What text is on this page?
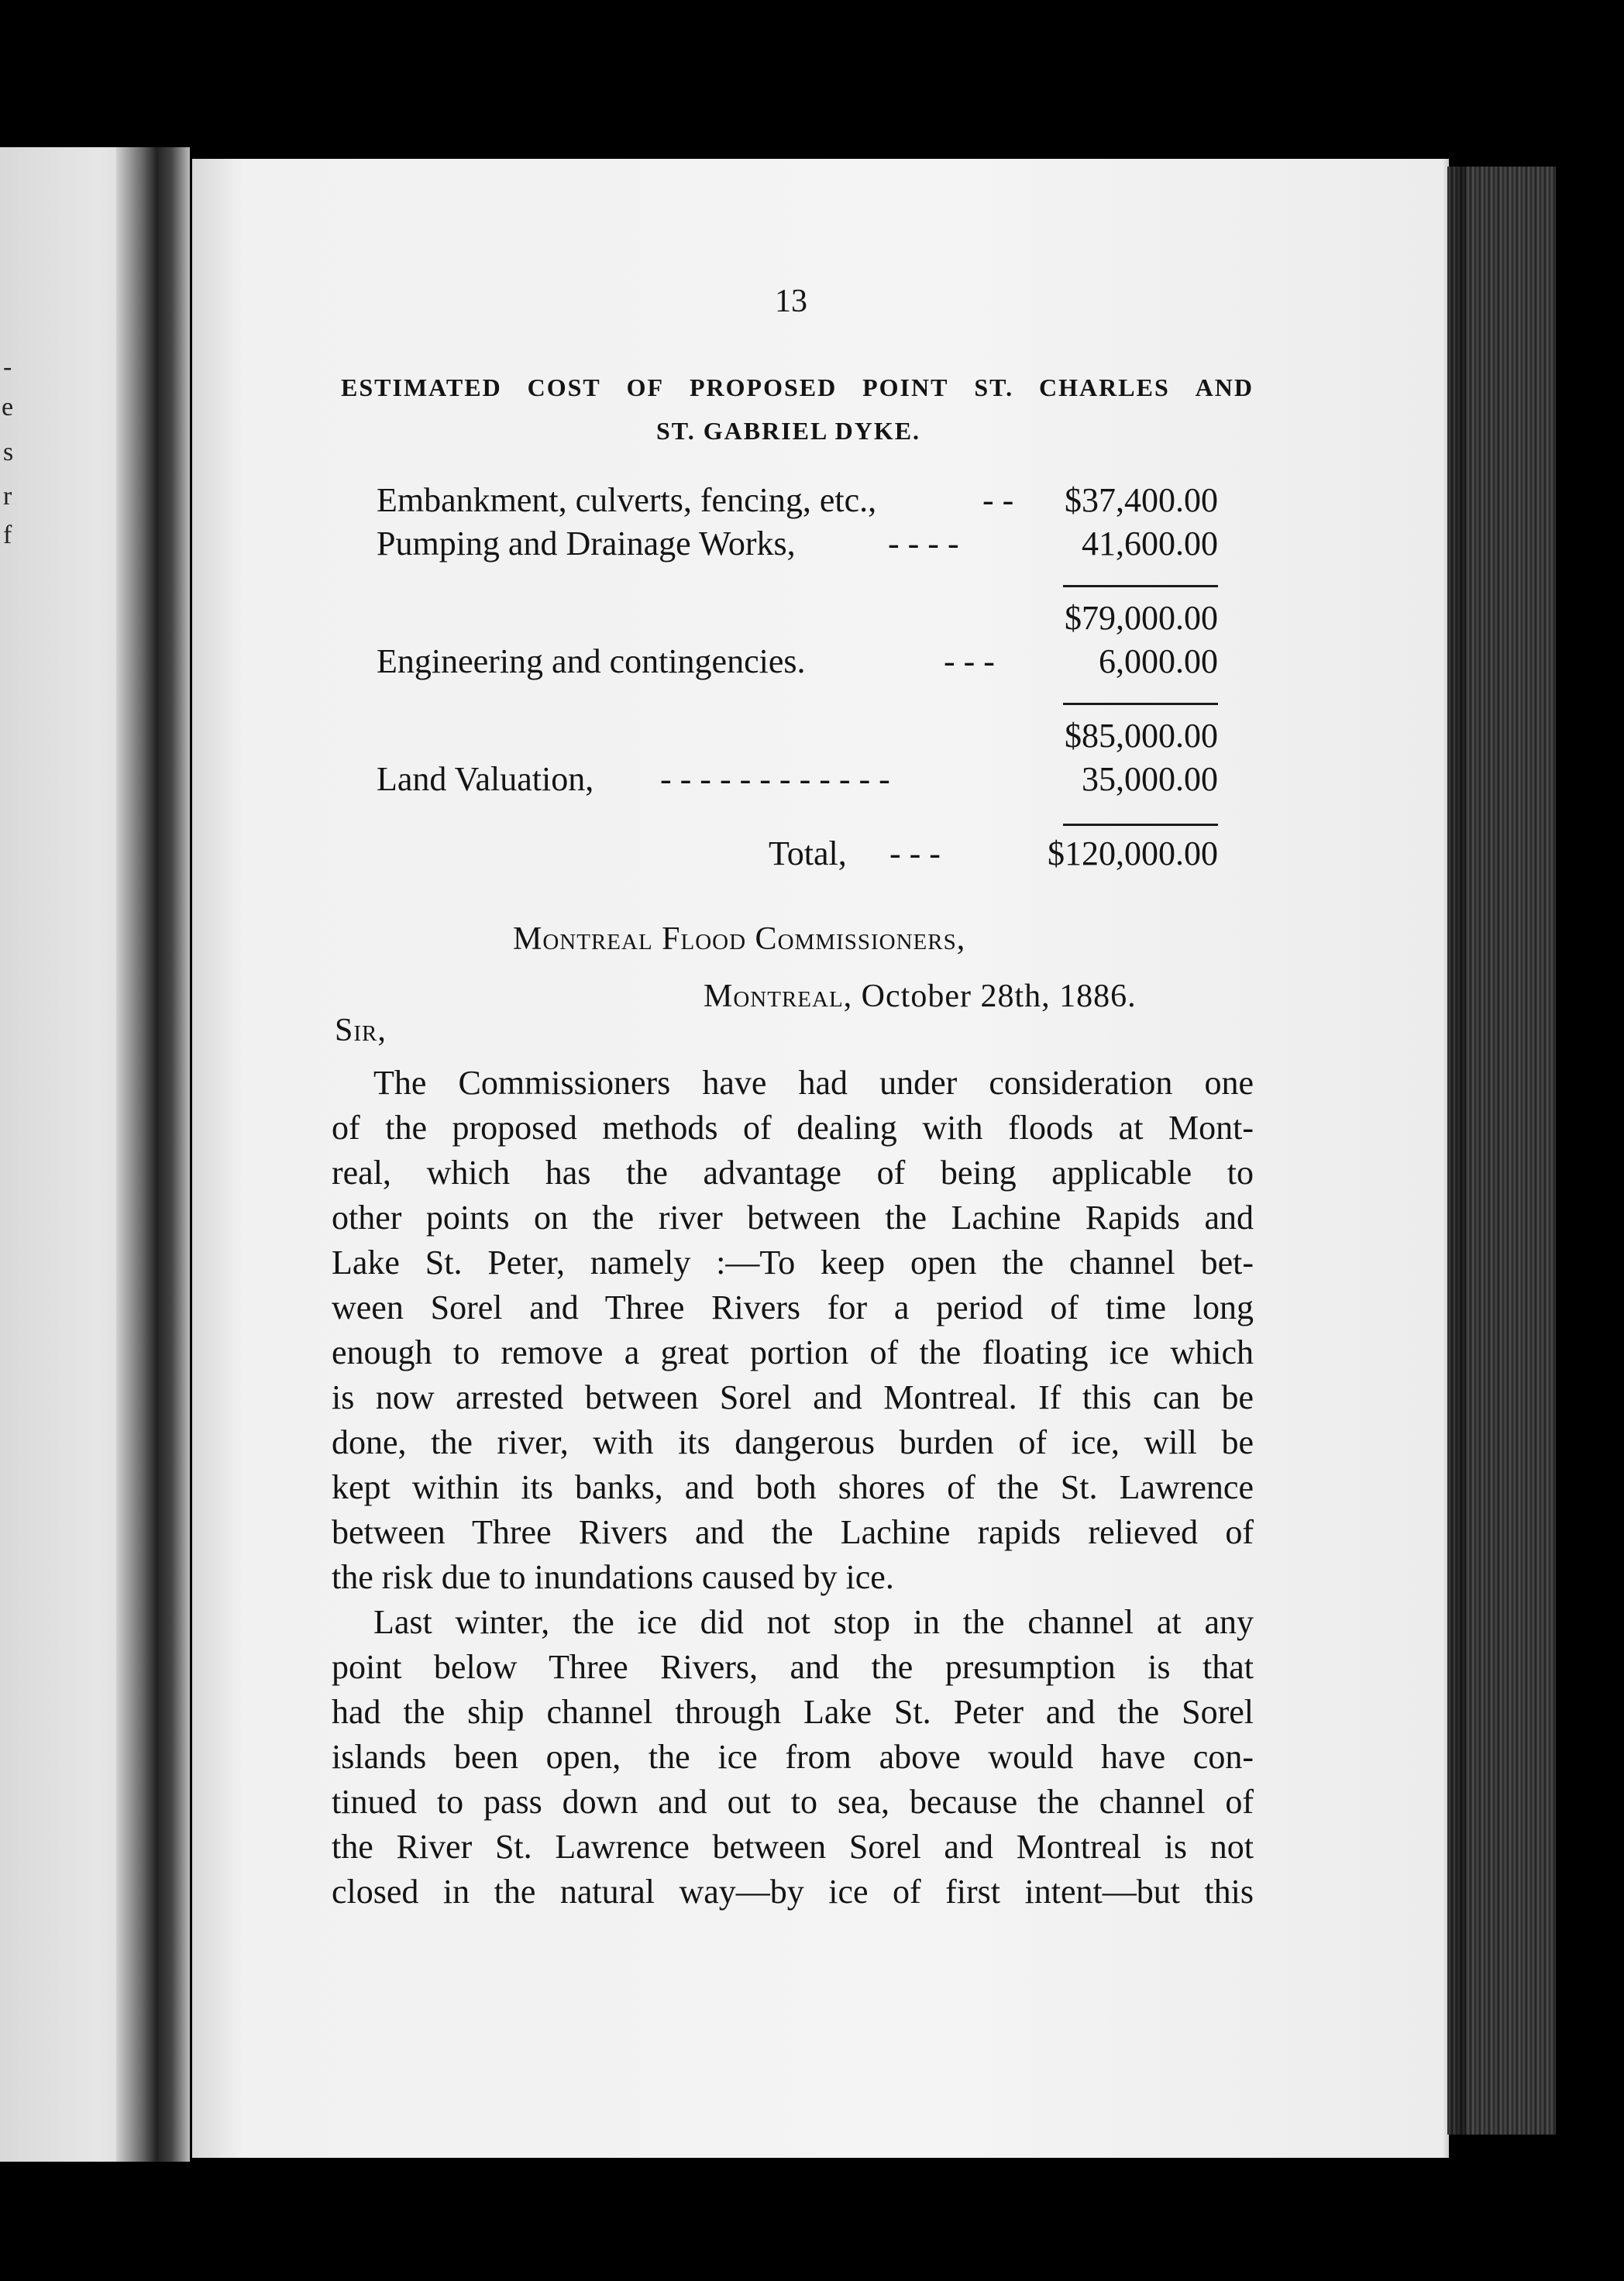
-
e
s
r
f
13
ESTIMATED COST OF PROPOSED POINT ST. CHARLES AND
ST. GABRIEL DYKE.
Embankment, culverts, fencing, etc.,	- -	$37,400.00
Pumping and Drainage Works,	- - - -	41,600.00
$79,000.00
Engineering and contingencies.	- - -	6,000.00
$85,000.00
Land Valuation, - - - - - - - - - - - -	35,000.00
Total, - - -	$120,000.00
Montreal Flood Commissioners,
Montreal, October 28th, 1886.
Sir,
The Commissioners have had under consideration one
of the proposed methods of dealing with floods at Mont-
real, which has the advantage of being applicable to
other points on the river between the Lachine Rapids and
Lake St. Peter, namely :—To keep open the channel bet-
ween Sorel and Three Rivers for a period of time long
enough to remove a great portion of the floating ice which
is now arrested between Sorel and Montreal. If this can be
done, the river, with its dangerous burden of ice, will be
kept within its banks, and both shores of the St. Lawrence
between Three Rivers and the Lachine rapids relieved of
the risk due to inundations caused by ice.
Last winter, the ice did not stop in the channel at any
point below Three Rivers, and the presumption is that
had the ship channel through Lake St. Peter and the Sorel
islands been open, the ice from above would have con-
tinued to pass down and out to sea, because the channel of
the River St. Lawrence between Sorel and Montreal is not
closed in the natural way—by ice of first intent—but this
